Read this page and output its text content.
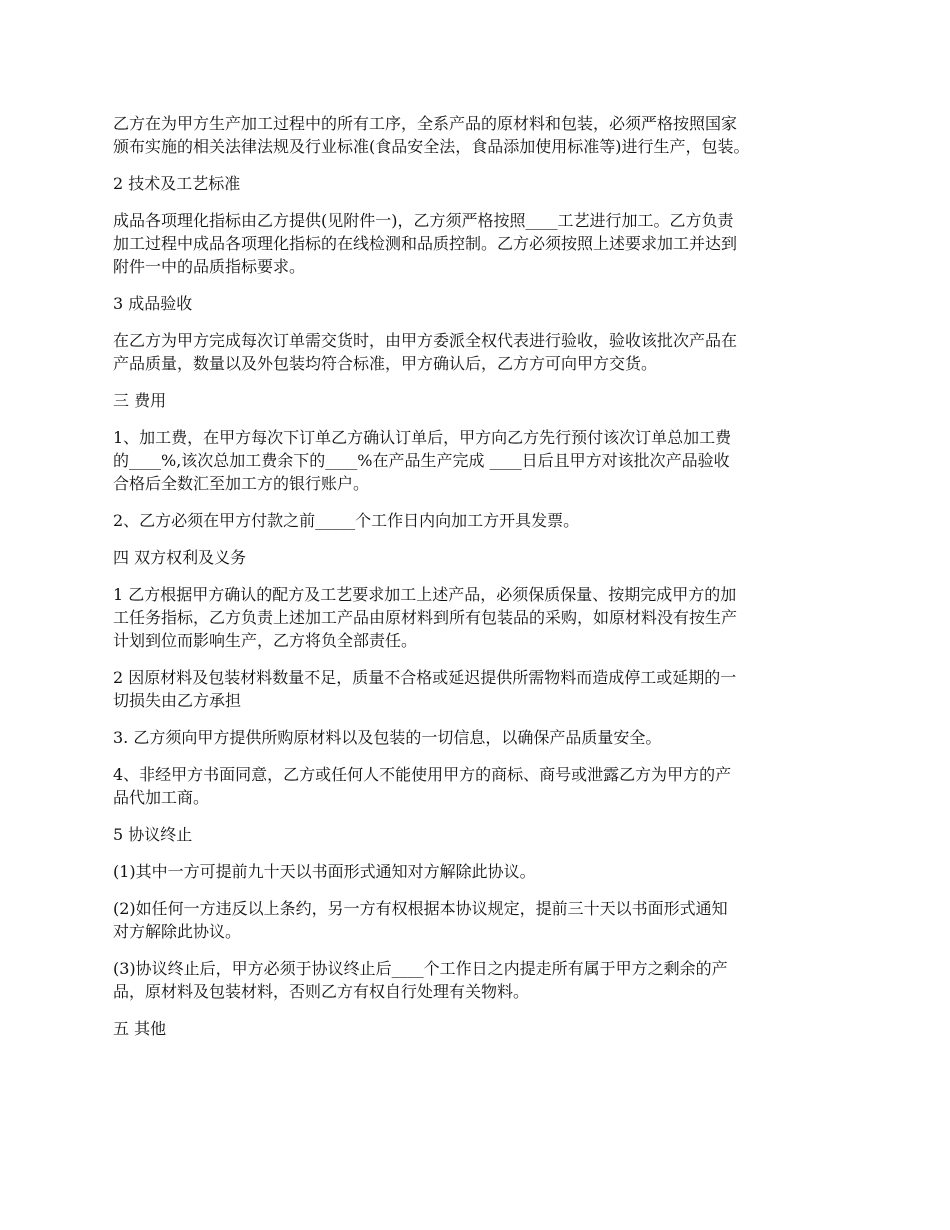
乙方在为甲方生产加工过程中的所有工序，全系产品的原材料和包装，必须严格按照国家
颁布实施的相关法律法规及行业标准(食品安全法，食品添加使用标准等)进行生产，包装。

2 技术及工艺标准

成品各项理化指标由乙方提供(见附件一)，乙方须严格按照____工艺进行加工。乙方负责
加工过程中成品各项理化指标的在线检测和品质控制。乙方必须按照上述要求加工并达到
附件一中的品质指标要求。

3 成品验收

在乙方为甲方完成每次订单需交货时，由甲方委派全权代表进行验收，验收该批次产品在
产品质量，数量以及外包装均符合标准，甲方确认后，乙方方可向甲方交货。

三 费用

1、加工费，在甲方每次下订单乙方确认订单后，甲方向乙方先行预付该次订单总加工费
的____%,该次总加工费余下的____%在产品生产完成 ____日后且甲方对该批次产品验收
合格后全数汇至加工方的银行账户。

2、乙方必须在甲方付款之前_____个工作日内向加工方开具发票。

四 双方权利及义务

1 乙方根据甲方确认的配方及工艺要求加工上述产品，必须保质保量、按期完成甲方的加
工任务指标，乙方负责上述加工产品由原材料到所有包装品的采购，如原材料没有按生产
计划到位而影响生产，乙方将负全部责任。

2 因原材料及包装材料数量不足，质量不合格或延迟提供所需物料而造成停工或延期的一
切损失由乙方承担

3. 乙方须向甲方提供所购原材料以及包装的一切信息，以确保产品质量安全。

4、非经甲方书面同意，乙方或任何人不能使用甲方的商标、商号或泄露乙方为甲方的产
品代加工商。

5 协议终止

(1)其中一方可提前九十天以书面形式通知对方解除此协议。

(2)如任何一方违反以上条约，另一方有权根据本协议规定，提前三十天以书面形式通知
对方解除此协议。

(3)协议终止后，甲方必须于协议终止后____个工作日之内提走所有属于甲方之剩余的产
品，原材料及包装材料，否则乙方有权自行处理有关物料。

五 其他
